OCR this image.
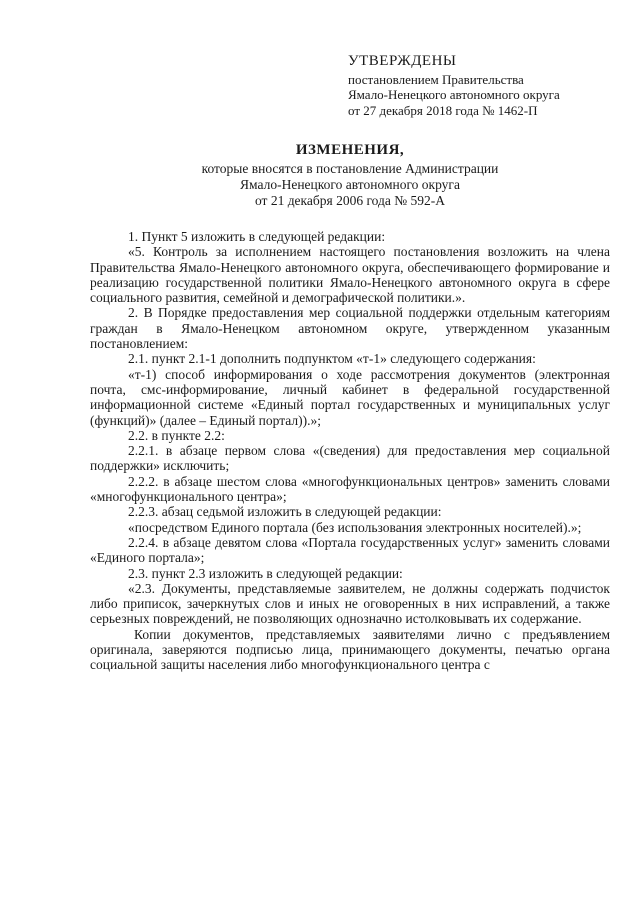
УТВЕРЖДЕНЫ
постановлением Правительства
Ямало-Ненецкого автономного округа
от 27 декабря 2018 года № 1462-П
ИЗМЕНЕНИЯ,
которые вносятся в постановление Администрации
Ямало-Ненецкого автономного округа
от 21 декабря 2006 года № 592-А

1. Пункт 5 изложить в следующей редакции:

«5. Контроль за исполнением настоящего постановления возложить на члена Правительства Ямало-Ненецкого автономного округа, обеспечивающего формирование и реализацию государственной политики Ямало-Ненецкого автономного округа в сфере социального развития, семейной и демографической политики.».

2. В Порядке предоставления мер социальной поддержки отдельным категориям граждан в Ямало-Ненецком автономном округе, утвержденном указанным постановлением:

2.1. пункт 2.1-1 дополнить подпунктом «т-1» следующего содержания:

«т-1) способ информирования о ходе рассмотрения документов (электронная почта, смс-информирование, личный кабинет в федеральной государственной информационной системе «Единый портал государственных и муниципальных услуг (функций)» (далее – Единый портал)).»;

2.2. в пункте 2.2:

2.2.1. в абзаце первом слова «(сведения) для предоставления мер социальной поддержки» исключить;

2.2.2. в абзаце шестом слова «многофункциональных центров» заменить словами «многофункционального центра»;

2.2.3. абзац седьмой изложить в следующей редакции:

«посредством Единого портала (без использования электронных носителей).»;

2.2.4. в абзаце девятом слова «Портала государственных услуг» заменить словами «Единого портала»;

2.3. пункт 2.3 изложить в следующей редакции:

«2.3. Документы, представляемые заявителем, не должны содержать подчисток либо приписок, зачеркнутых слов и иных не оговоренных в них исправлений, а также серьезных повреждений, не позволяющих однозначно истолковывать их содержание.

Копии документов, представляемых заявителями лично с предъявлением оригинала, заверяются подписью лица, принимающего документы, печатью органа социальной защиты населения либо многофункционального центра с
